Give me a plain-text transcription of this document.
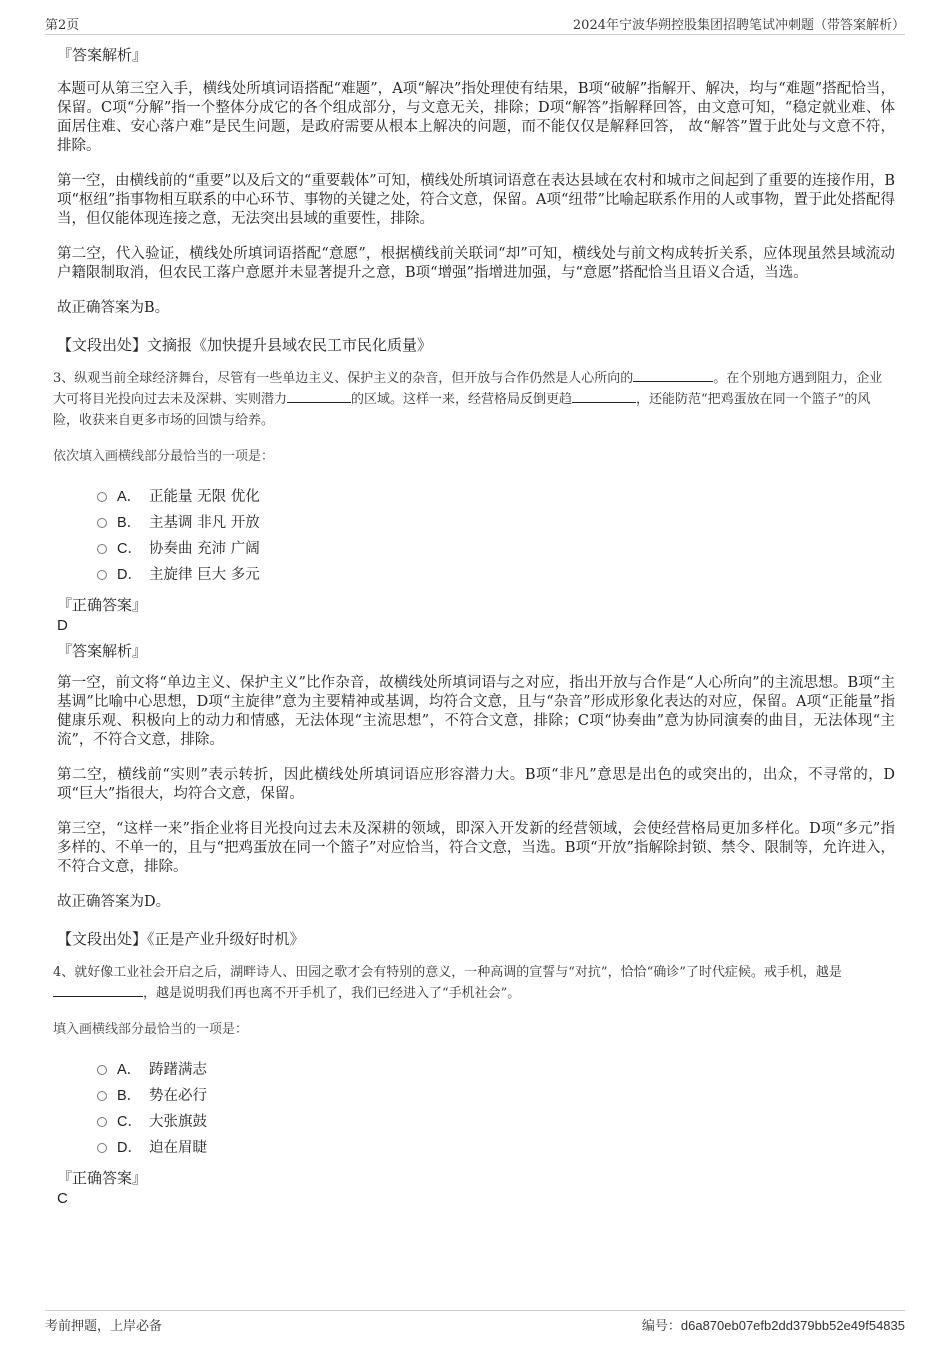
第2页	2024年宁波华朔控股集团招聘笔试冲刺题（带答案解析）

『答案解析』

本题可从第三空入手，横线处所填词语搭配“难题”，A项“解决”指处理使有结果，B项“破解”指解开、解决，均与“难题”搭配恰当，保留。C项“分解”指一个整体分成它的各个组成部分，与文意无关，排除；D项“解答”指解释回答，由文意可知，“稳定就业难、体面居住难、安心落户难”是民生问题，是政府需要从根本上解决的问题，而不能仅仅是解释回答， 故“解答”置于此处与文意不符，排除。

第一空，由横线前的“重要”以及后文的“重要载体”可知，横线处所填词语意在表达县域在农村和城市之间起到了重要的连接作用，B项“枢纽”指事物相互联系的中心环节、事物的关键之处，符合文意，保留。A项“纽带”比喻起联系作用的人或事物，置于此处搭配得当，但仅能体现连接之意，无法突出县域的重要性，排除。

第二空，代入验证，横线处所填词语搭配“意愿”，根据横线前关联词“却”可知，横线处与前文构成转折关系，应体现虽然县域流动户籍限制取消，但农民工落户意愿并未显著提升之意，B项“增强”指增进加强，与“意愿”搭配恰当且语义合适，当选。

故正确答案为B。

【文段出处】文摘报《加快提升县域农民工市民化质量》

3、纵观当前全球经济舞台，尽管有一些单边主义、保护主义的杂音，但开放与合作仍然是人心所向的	。在个别地方遇到阻力，企业大可将目光投向过去未及深耕、实则潜力	的区域。这样一来，经营格局反倒更趋	，还能防范“把鸡蛋放在同一个篮子”的风险，收获来自更多市场的回馈与给养。
依次填入画横线部分最恰当的一项是：
A． 正能量 无限 优化
B． 主基调 非凡 开放
C． 协奏曲 充沛 广阔
D． 主旋律 巨大 多元

『正确答案』

D

『答案解析』

第一空，前文将“单边主义、保护主义”比作杂音，故横线处所填词语与之对应，指出开放与合作是“人心所向”的主流思想。B项“主基调”比喻中心思想，D项“主旋律”意为主要精神或基调，均符合文意，且与“杂音”形成形象化表达的对应，保留。A项“正能量”指健康乐观、积极向上的动力和情感，无法体现“主流思想”，不符合文意，排除；C项“协奏曲”意为协同演奏的曲目，无法体现“主流”，不符合文意，排除。

第二空，横线前“实则”表示转折，因此横线处所填词语应形容潜力大。B项“非凡”意思是出色的或突出的，出众，不寻常的，D项“巨大”指很大，均符合文意，保留。

第三空，“这样一来”指企业将目光投向过去未及深耕的领域，即深入开发新的经营领域，会使经营格局更加多样化。D项“多元”指多样的、不单一的，且与“把鸡蛋放在同一个篮子”对应恰当，符合文意，当选。B项“开放”指解除封锁、禁令、限制等，允许进入，不符合文意，排除。

故正确答案为D。

【文段出处】《正是产业升级好时机》

4、就好像工业社会开启之后，湖畔诗人、田园之歌才会有特别的意义，一种高调的宣誓与“对抗”，恰恰“确诊”了时代症候。戒手机，越是
，越是说明我们再也离不开手机了，我们已经进入了“手机社会”。
填入画横线部分最恰当的一项是：
A． 踌躇满志
B． 势在必行
C． 大张旗鼓
D． 迫在眉睫

『正确答案』

C

考前押题，上岸必备	编号：d6a870eb07efb2dd379bb52e49f54835
